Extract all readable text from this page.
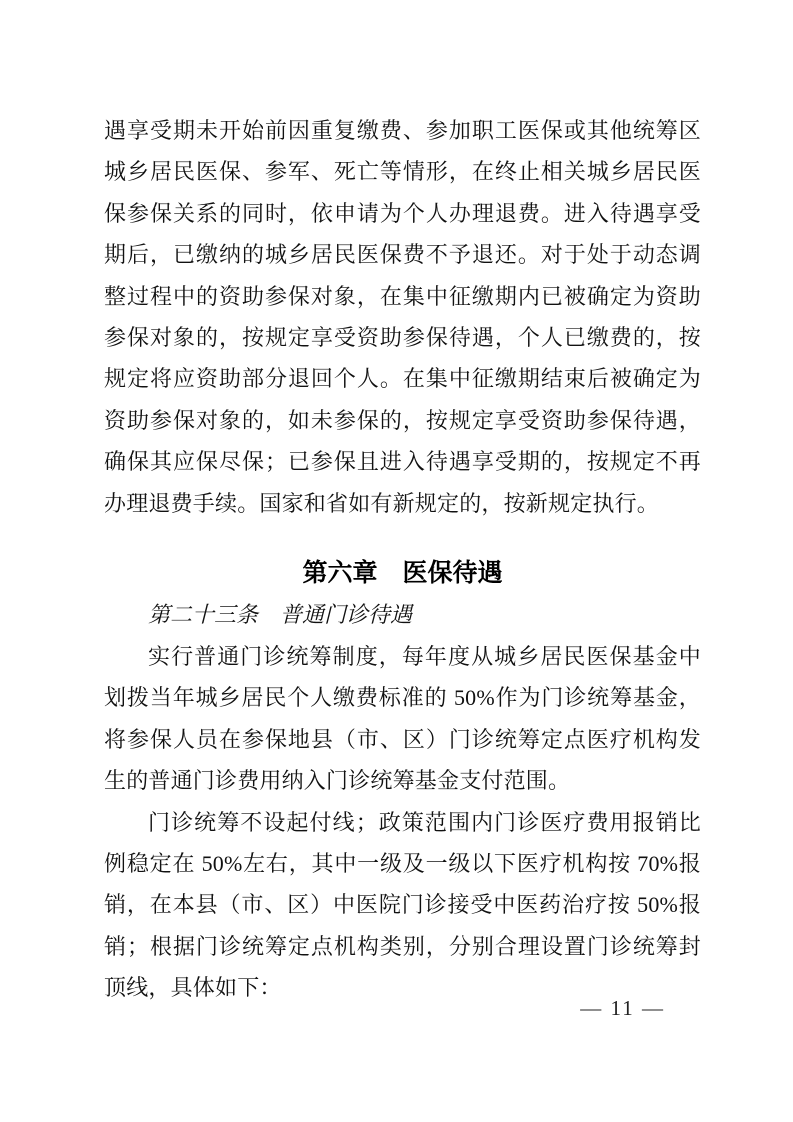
遇享受期未开始前因重复缴费、参加职工医保或其他统筹区城乡居民医保、参军、死亡等情形，在终止相关城乡居民医保参保关系的同时，依申请为个人办理退费。进入待遇享受期后，已缴纳的城乡居民医保费不予退还。对于处于动态调整过程中的资助参保对象，在集中征缴期内已被确定为资助参保对象的，按规定享受资助参保待遇，个人已缴费的，按规定将应资助部分退回个人。在集中征缴期结束后被确定为资助参保对象的，如未参保的，按规定享受资助参保待遇，确保其应保尽保；已参保且进入待遇享受期的，按规定不再办理退费手续。国家和省如有新规定的，按新规定执行。

第六章　医保待遇
第二十三条　普通门诊待遇

实行普通门诊统筹制度，每年度从城乡居民医保基金中划拨当年城乡居民个人缴费标准的 50%作为门诊统筹基金，将参保人员在参保地县（市、区）门诊统筹定点医疗机构发生的普通门诊费用纳入门诊统筹基金支付范围。

门诊统筹不设起付线；政策范围内门诊医疗费用报销比例稳定在 50%左右，其中一级及一级以下医疗机构按 70%报销，在本县（市、区）中医院门诊接受中医药治疗按 50%报销；根据门诊统筹定点机构类别，分别合理设置门诊统筹封顶线，具体如下：

— 11 —
